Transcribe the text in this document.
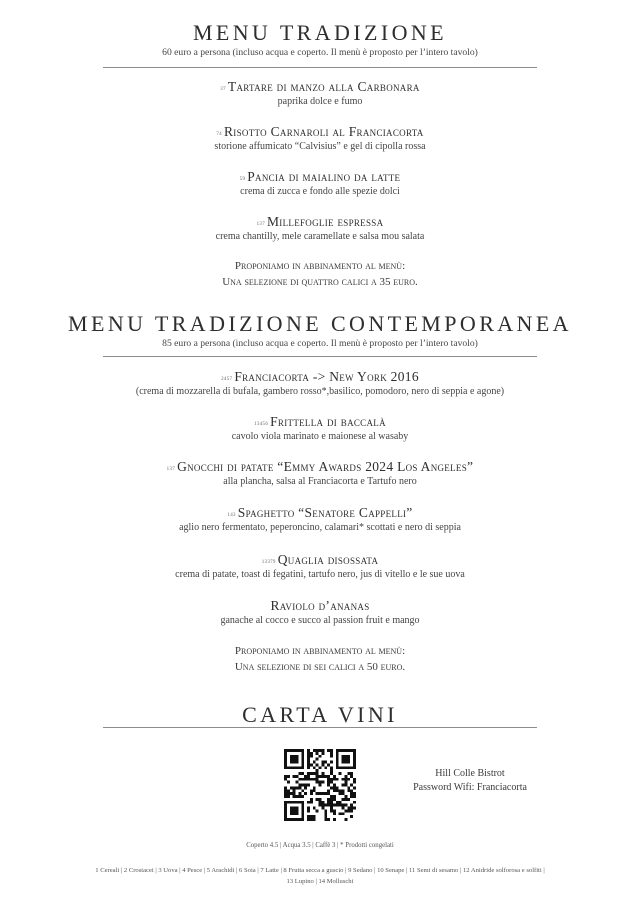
MENU TRADIZIONE
60 euro a persona (incluso acqua e coperto. Il menù è proposto per l’intero tavolo)
37 Tartare di manzo alla Carbonara
paprika dolce e fumo
74 Risotto Carnaroli al Franciacorta
storione affumicato “Calvisius” e gel di cipolla rossa
59 Pancia di maialino da latte
crema di zucca e fondo alle spezie dolci
137 Millefoglie espressa
crema chantilly, mele caramellate e salsa mou salata
Proponiamo in abbinamento al menù:
Una selezione di quattro calici a 35 euro.
MENU TRADIZIONE CONTEMPORANEA
85 euro a persona (incluso acqua e coperto. Il menù è proposto per l’intero tavolo)
2457 Franciacorta -> New York 2016
(crema di mozzarella di bufala, gambero rosso*,basilico, pomodoro, nero di seppia e agone)
13456 Frittella di baccalà
cavolo viola marinato e maionese al wasaby
137 Gnocchi di patate “Emmy Awards 2024 Los Angeles”
alla plancha, salsa al Franciacorta e Tartufo nero
143 Spaghetto “Senatore Cappelli”
aglio nero fermentato, peperoncino, calamari* scottati e nero di seppia
13379 Quaglia disossata
crema di patate, toast di fegatini, tartufo nero, jus di vitello e le sue uova
Raviolo d’ananas
ganache al cocco e succo al passion fruit e mango
Proponiamo in abbinamento al menù:
Una selezione di sei calici a 50 euro.
CARTA VINI
Hill Colle Bistrot
Password Wifi: Franciacorta
Coperto 4.5 | Acqua 3.5 | Caffè 3 | * Prodotti congelati
1 Cereali | 2 Crostacei | 3 Uova | 4 Pesce | 5 Arachidi | 6 Soia | 7 Latte | 8 Frutta secca a guscio | 9 Sedano | 10 Senape | 11 Semi di sesamo | 12 Anidride solforosa e solfiti | 13 Lupino | 14 Molluschi
